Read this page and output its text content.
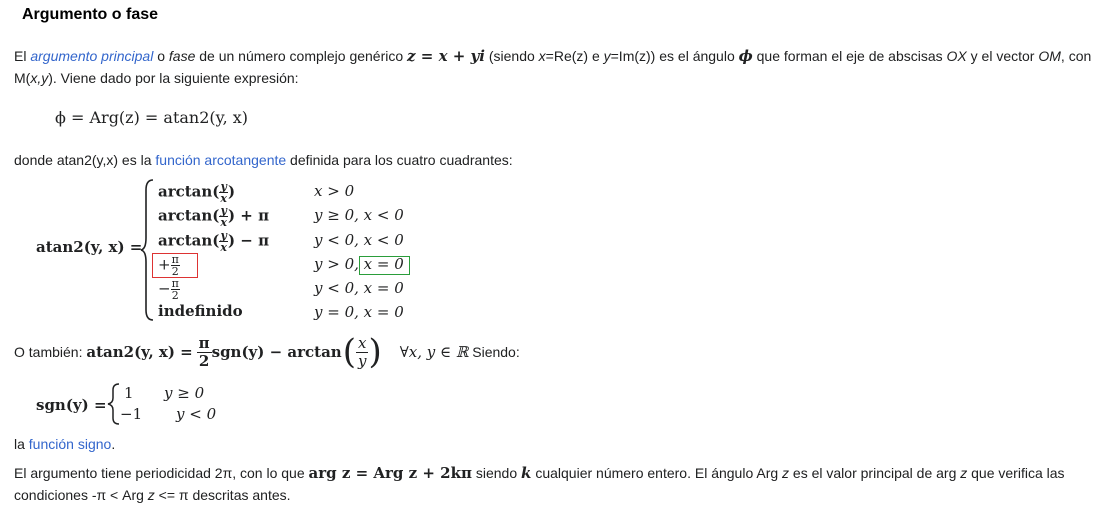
Argumento o fase
El argumento principal o fase de un número complejo genérico z = x + yi (siendo x=Re(z) e y=Im(z)) es el ángulo ϕ que forman el eje de abscisas OX y el vector OM, con
M(x,y). Viene dado por la siguiente expresión:
ϕ = Arg(z) = atan2(y, x)
donde atan2(y,x) es la función arcotangente definida para los cuatro cuadrantes:
atan2(y, x) =
$\arctan( \frac{y}{x}$ )	x > 0
$\arctan( \frac{y}{x}$ ) + π	y ≥ 0, x < 0
$\arctan( \frac{y}{x}$ ) − π	y < 0, x < 0
+ $\frac{\pi}{2}$	y > 0, x = 0
− $\frac{\pi}{2}$	y < 0, x = 0
indefinido	y = 0, x = 0
O también:
atan2(y, x) =
$\frac{\pi}{2} sgn(y) - \arctan$ ( $\frac{x}{y}$ ) ∀x, y ∈ ℝ
Siendo:
sgn(y) =
1 y ≥ 0
−1 y < 0
la función signo.
El argumento tiene periodicidad 2π, con lo que arg z = Arg z + 2kπ siendo k cualquier número entero. El ángulo Arg z es el valor principal de arg z que verifica las
condiciones -π < Arg z <= π descritas antes.
